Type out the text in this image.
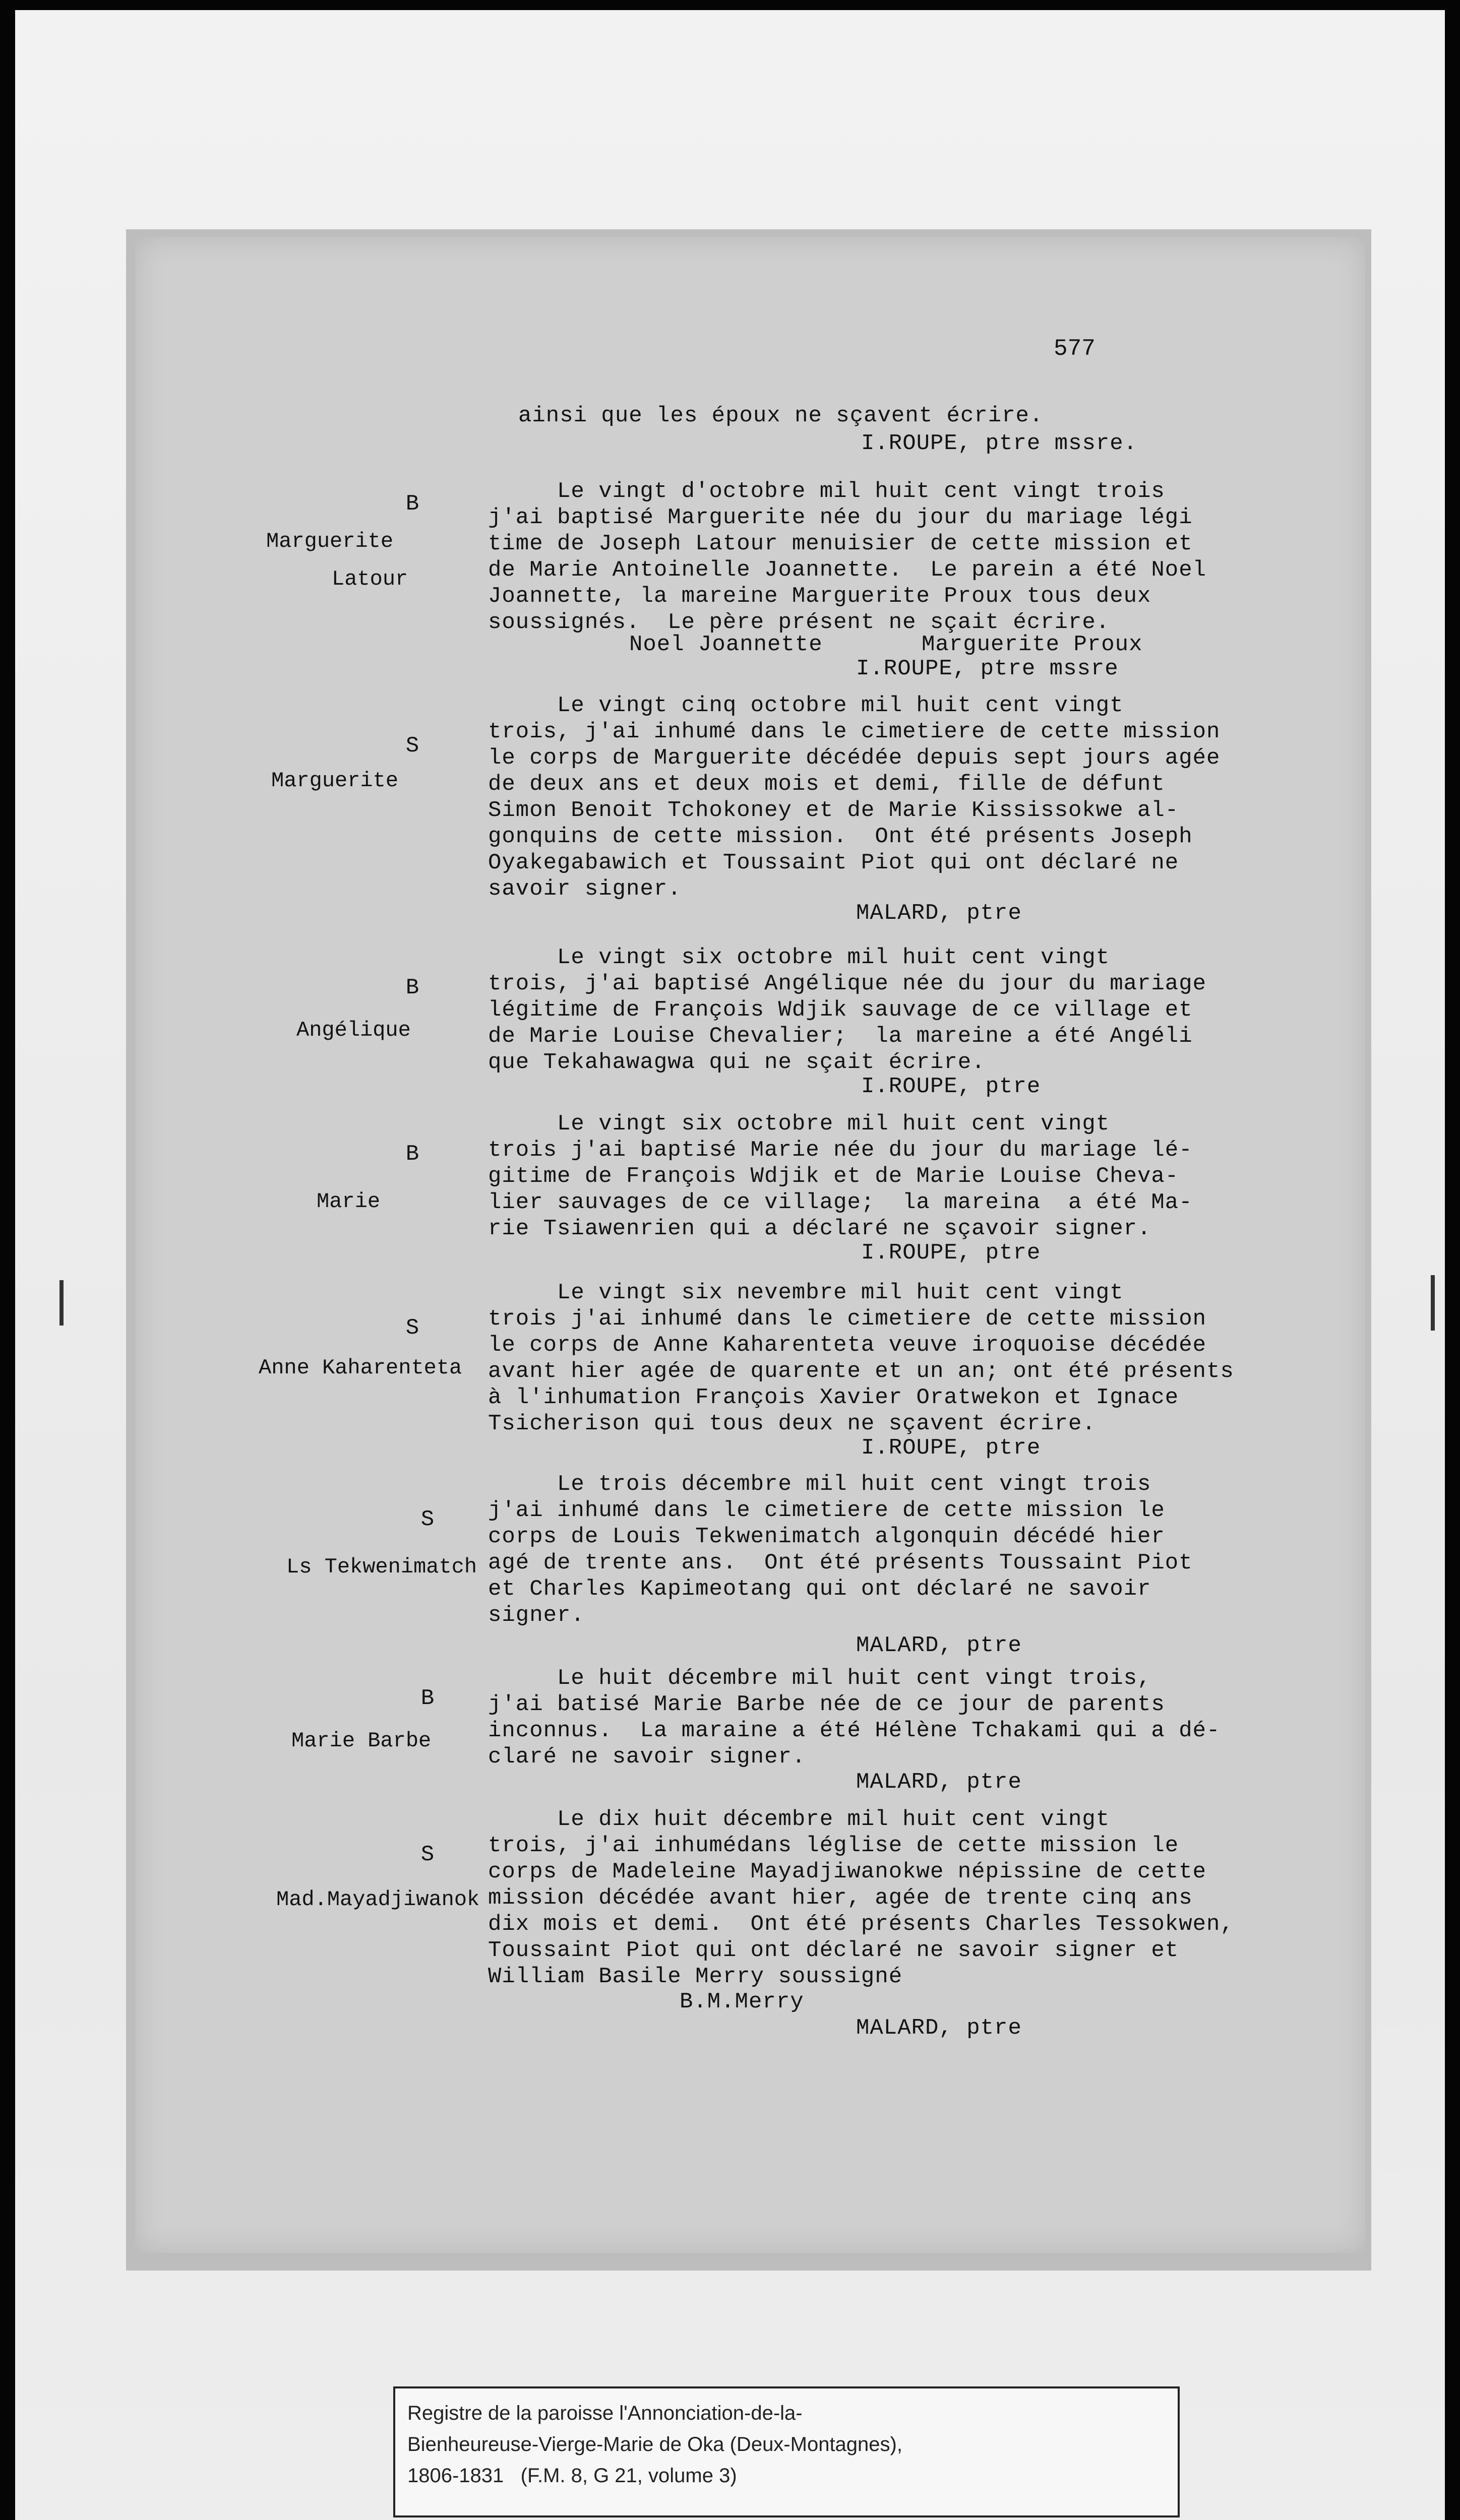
577
ainsi que les époux ne sçavent écrire.
I.ROUPE, ptre mssre.
B
Marguerite
Latour
Le vingt d'octobre mil huit cent vingt trois
j'ai baptisé Marguerite née du jour du mariage légi
time de Joseph Latour menuisier de cette mission et
de Marie Antoinelle Joannette.  Le parein a été Noel
Joannette, la mareine Marguerite Proux tous deux
soussignés.  Le père présent ne sçait écrire.
Noel Joannette	Marguerite Proux
I.ROUPE, ptre mssre
S
Marguerite
Le vingt cinq octobre mil huit cent vingt
trois, j'ai inhumé dans le cimetiere de cette mission
le corps de Marguerite décédée depuis sept jours agée
de deux ans et deux mois et demi, fille de défunt
Simon Benoit Tchokoney et de Marie Kississokwe al-
gonquins de cette mission.  Ont été présents Joseph
Oyakegabawich et Toussaint Piot qui ont déclaré ne
savoir signer.
MALARD, ptre
B
Angélique
Le vingt six octobre mil huit cent vingt
trois, j'ai baptisé Angélique née du jour du mariage
légitime de François Wdjik sauvage de ce village et
de Marie Louise Chevalier;  la mareine a été Angéli
que Tekahawagwa qui ne sçait écrire.
I.ROUPE, ptre
B
Marie
Le vingt six octobre mil huit cent vingt
trois j'ai baptisé Marie née du jour du mariage lé-
gitime de François Wdjik et de Marie Louise Cheva-
lier sauvages de ce village;  la mareina  a été Ma-
rie Tsiawenrien qui a déclaré ne sçavoir signer.
I.ROUPE, ptre
S
Anne Kaharenteta
Le vingt six nevembre mil huit cent vingt
trois j'ai inhumé dans le cimetiere de cette mission
le corps de Anne Kaharenteta veuve iroquoise décédée
avant hier agée de quarente et un an; ont été présents
à l'inhumation François Xavier Oratwekon et Ignace
Tsicherison qui tous deux ne sçavent écrire.
I.ROUPE, ptre
S
Ls Tekwenimatch
Le trois décembre mil huit cent vingt trois
j'ai inhumé dans le cimetiere de cette mission le
corps de Louis Tekwenimatch algonquin décédé hier
agé de trente ans.  Ont été présents Toussaint Piot
et Charles Kapimeotang qui ont déclaré ne savoir
signer.
MALARD, ptre
B
Marie Barbe
Le huit décembre mil huit cent vingt trois,
j'ai batisé Marie Barbe née de ce jour de parents
inconnus.  La maraine a été Hélène Tchakami qui a dé-
claré ne savoir signer.
MALARD, ptre
S
Mad.Mayadjiwanok
Le dix huit décembre mil huit cent vingt
trois, j'ai inhumédans léglise de cette mission le
corps de Madeleine Mayadjiwanokwe népissine de cette
mission décédée avant hier, agée de trente cinq ans
dix mois et demi.  Ont été présents Charles Tessokwen,
Toussaint Piot qui ont déclaré ne savoir signer et
William Basile Merry soussigné
B.M.Merry
MALARD, ptre
Registre de la paroisse l'Annonciation-de-la-
Bienheureuse-Vierge-Marie de Oka (Deux-Montagnes),
1806-1831   (F.M. 8, G 21, volume 3)
